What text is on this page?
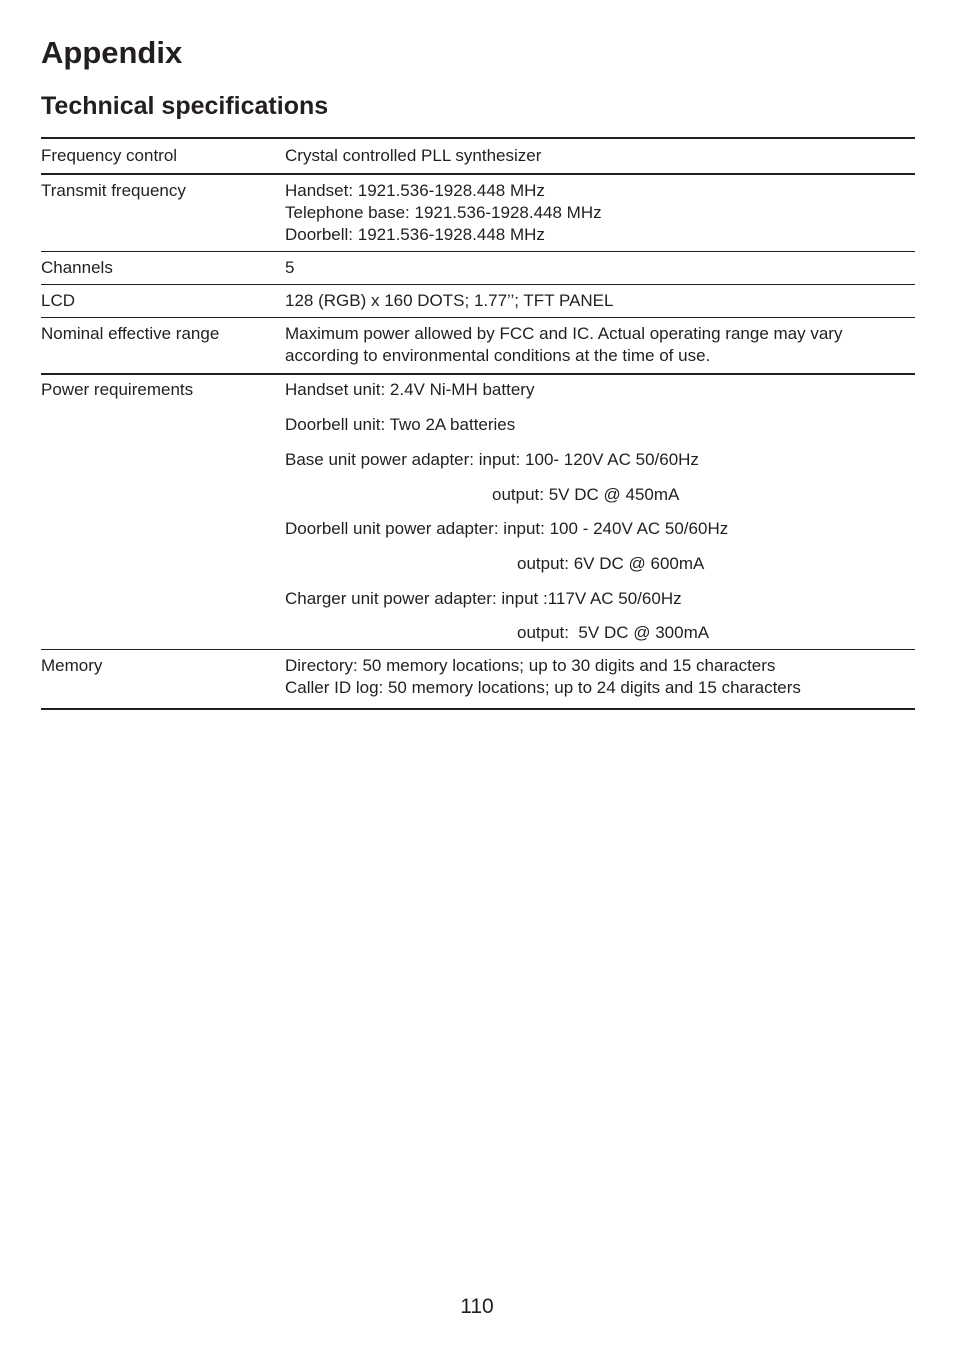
Appendix
Technical specifications
Frequency control	Crystal controlled PLL synthesizer
Transmit frequency	Handset: 1921.536-1928.448 MHz
Telephone base: 1921.536-1928.448 MHz
Doorbell: 1921.536-1928.448 MHz
Channels	5
LCD	128 (RGB) x 160 DOTS; 1.77’’; TFT PANEL
Nominal effective range	Maximum power allowed by FCC and IC. Actual operating range may vary
according to environmental conditions at the time of use.
Power requirements	Handset unit: 2.4V Ni-MH battery
Doorbell unit: Two 2A batteries
Base unit power adapter: input: 100- 120V AC 50/60Hz
output: 5V DC @ 450mA
Doorbell unit power adapter: input: 100 - 240V AC 50/60Hz
output: 6V DC @ 600mA
Charger unit power adapter: input :117V AC 50/60Hz
output:  5V DC @ 300mA
Memory	Directory: 50 memory locations; up to 30 digits and 15 characters
Caller ID log: 50 memory locations; up to 24 digits and 15 characters
110
